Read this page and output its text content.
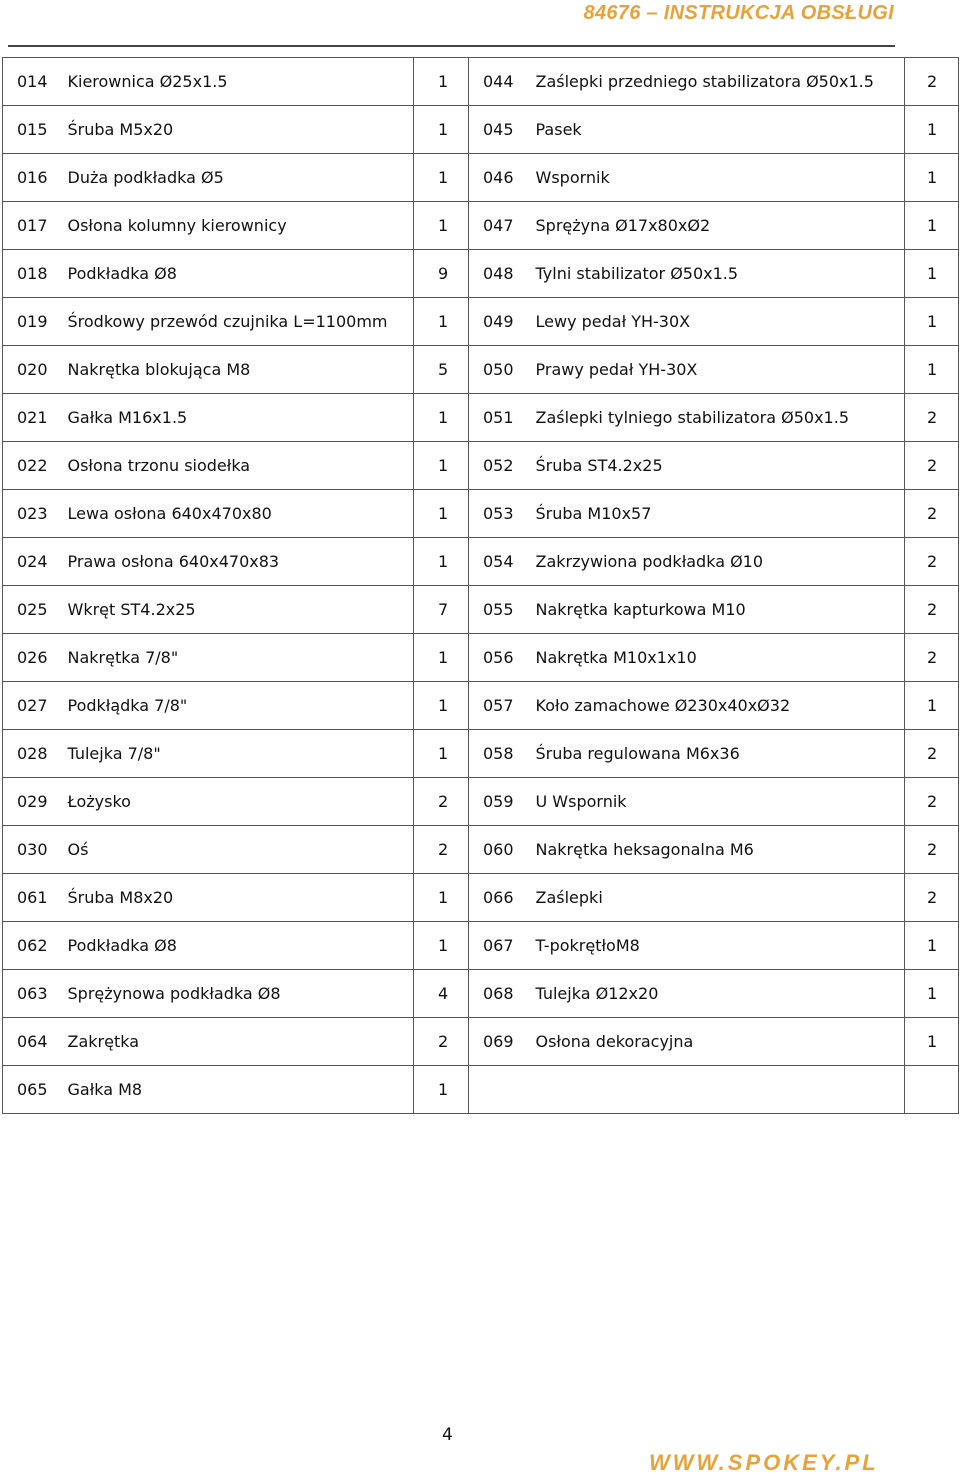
84676 – INSTRUKCJA OBSŁUGI
014	Kierownica Ø25x1.5	1	044	Zaślepki przedniego stabilizatora Ø50x1.5	2
015	Śruba M5x20	1	045	Pasek	1
016	Duża podkładka Ø5	1	046	Wspornik	1
017	Osłona kolumny kierownicy	1	047	Sprężyna Ø17x80xØ2	1
018	Podkładka Ø8	9	048	Tylni stabilizator Ø50x1.5	1
019	Środkowy przewód czujnika L=1100mm	1	049	Lewy pedał YH-30X	1
020	Nakrętka blokująca M8	5	050	Prawy pedał YH-30X	1
021	Gałka M16x1.5	1	051	Zaślepki tylniego stabilizatora Ø50x1.5	2
022	Osłona trzonu siodełka	1	052	Śruba ST4.2x25	2
023	Lewa osłona 640x470x80	1	053	Śruba M10x57	2
024	Prawa osłona 640x470x83	1	054	Zakrzywiona podkładka Ø10	2
025	Wkręt ST4.2x25	7	055	Nakrętka kapturkowa M10	2
026	Nakrętka 7/8"	1	056	Nakrętka M10x1x10	2
027	Podkłądka 7/8"	1	057	Koło zamachowe Ø230x40xØ32	1
028	Tulejka 7/8"	1	058	Śruba regulowana M6x36	2
029	Łożysko	2	059	U Wspornik	2
030	Oś	2	060	Nakrętka heksagonalna M6	2
061	Śruba M8x20	1	066	Zaślepki	2
062	Podkładka Ø8	1	067	T-pokrętłoM8	1
063	Sprężynowa podkładka Ø8	4	068	Tulejka Ø12x20	1
064	Zakrętka	2	069	Osłona dekoracyjna	1
065	Gałka M8	1			
4
WWW.SPOKEY.PL
